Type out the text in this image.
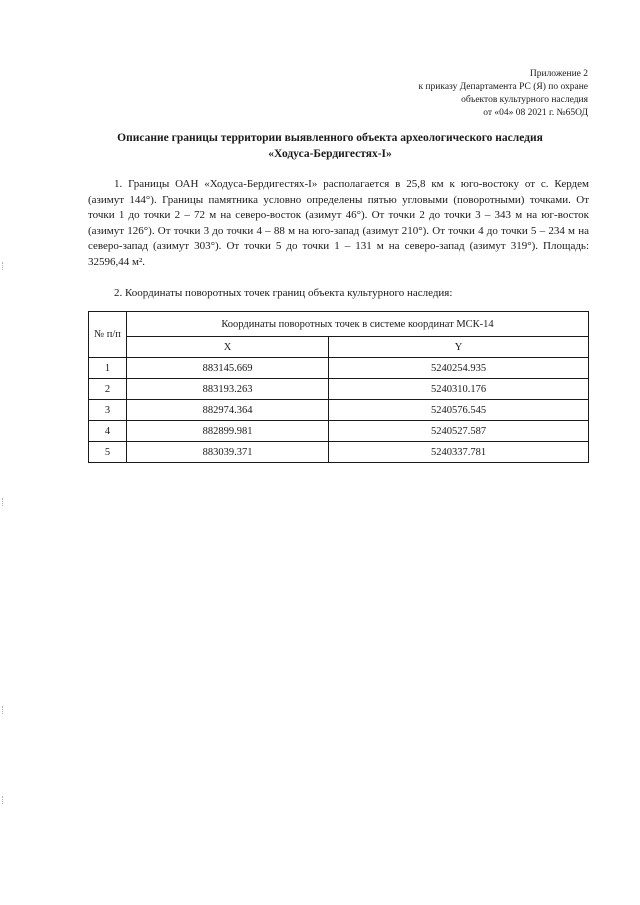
Приложение 2
к приказу Департамента РС (Я) по охране
объектов культурного наследия
от «04» 08 2021 г. №65ОД
Описание границы территории выявленного объекта археологического наследия
«Ходуса-Бердигестях-I»
1. Границы ОАН «Ходуса-Бердигестях-I» располагается в 25,8 км к юго-востоку от с. Кердем (азимут 144°). Границы памятника условно определены пятью угловыми (поворотными) точками. От точки 1 до точки 2 – 72 м на северо-восток (азимут 46°). От точки 2 до точки 3 – 343 м на юг-восток (азимут 126°). От точки 3 до точки 4 – 88 м на юго-запад (азимут 210°). От точки 4 до точки 5 – 234 м на северо-запад (азимут 303°). От точки 5 до точки 1 – 131 м на северо-запад (азимут 319°). Площадь: 32596,44 м².
2. Координаты поворотных точек границ объекта культурного наследия:
№ п/п	Координаты поворотных точек в системе координат МСК-14	
	X	Y
1	883145.669	5240254.935
2	883193.263	5240310.176
3	882974.364	5240576.545
4	882899.981	5240527.587
5	883039.371	5240337.781
